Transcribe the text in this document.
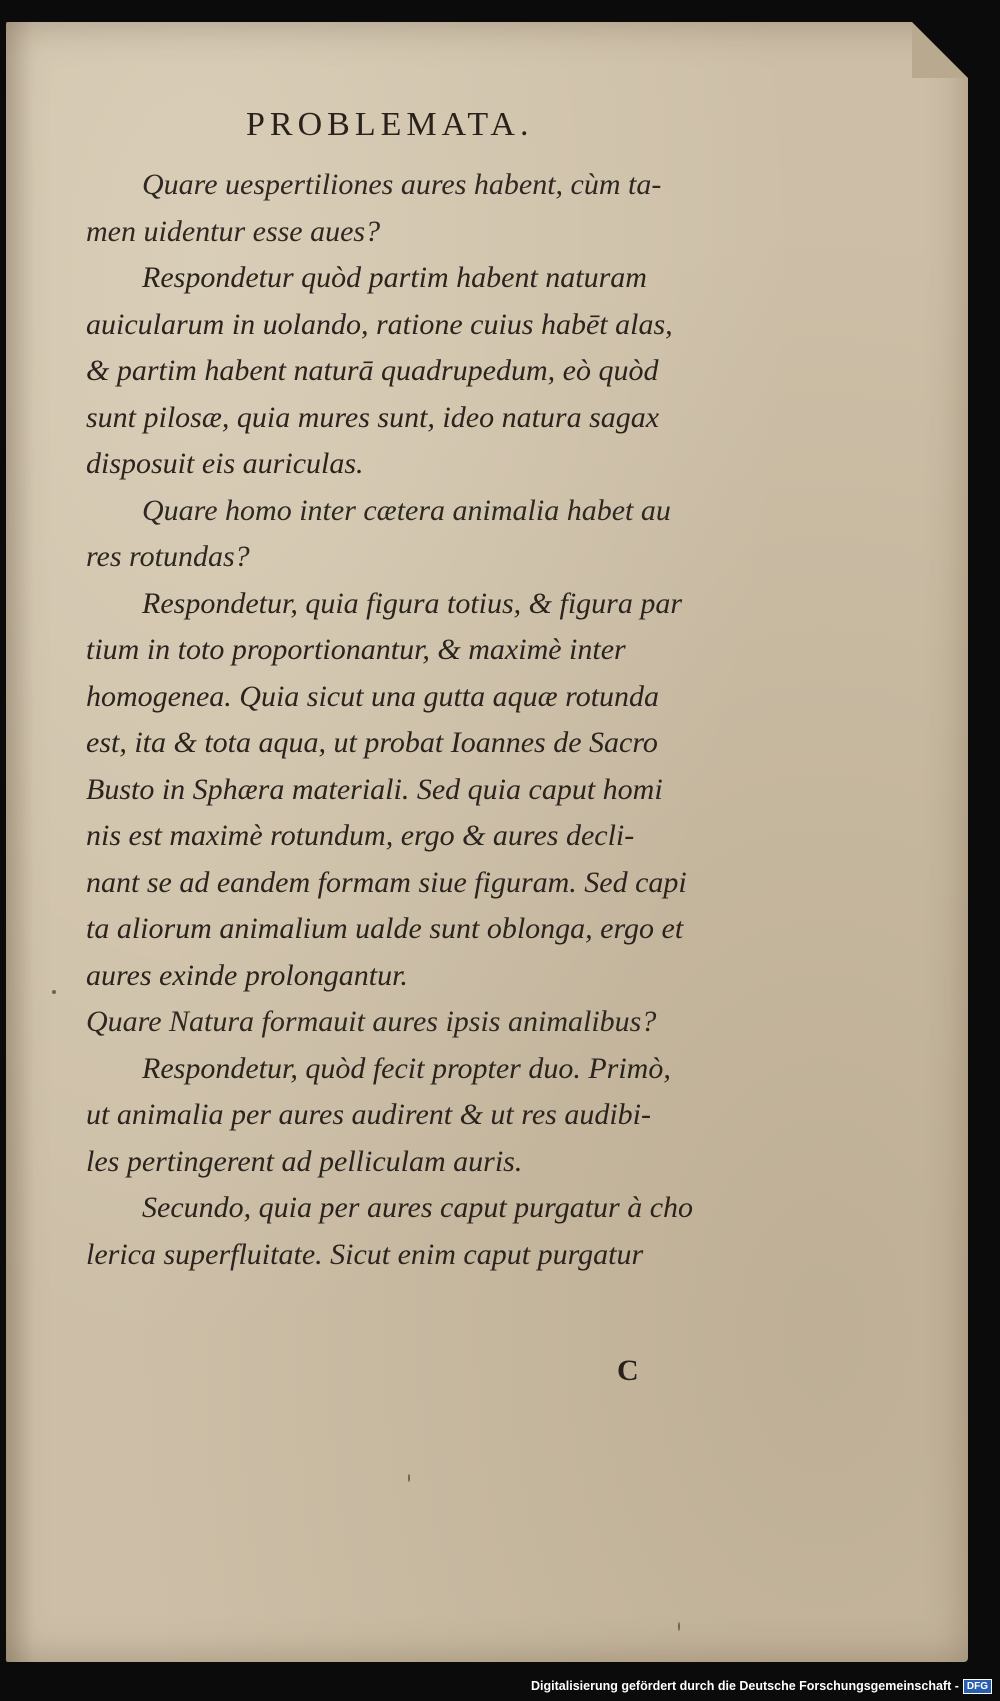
PROBLEMATA.

Quare uespertiliones aures habent, cùm ta-

men uidentur esse aues?

Respondetur quòd partim habent naturam

auicularum in uolando, ratione cuius habēt alas,

& partim habent naturā quadrupedum, eò quòd

sunt pilosæ, quia mures sunt, ideo natura sagax

disposuit eis auriculas.

Quare homo inter cætera animalia habet au

res rotundas?

Respondetur, quia figura totius, & figura par

tium in toto proportionantur, & maximè inter

homogenea. Quia sicut una gutta aquæ rotunda

est, ita & tota aqua, ut probat Ioannes de Sacro

Busto in Sphæra materiali. Sed quia caput homi

nis est maximè rotundum, ergo & aures decli-

nant se ad eandem formam siue figuram. Sed capi

ta aliorum animalium ualde sunt oblonga, ergo et

aures exinde prolongantur.

Quare Natura formauit aures ipsis animalibus?

Respondetur, quòd fecit propter duo. Primò,

ut animalia per aures audirent & ut res audibi-

les pertingerent ad pelliculam auris.

Secundo, quia per aures caput purgatur à cho

lerica superfluitate. Sicut enim caput purgatur

C
Digitalisierung gefördert durch die Deutsche Forschungsgemeinschaft - DFG
